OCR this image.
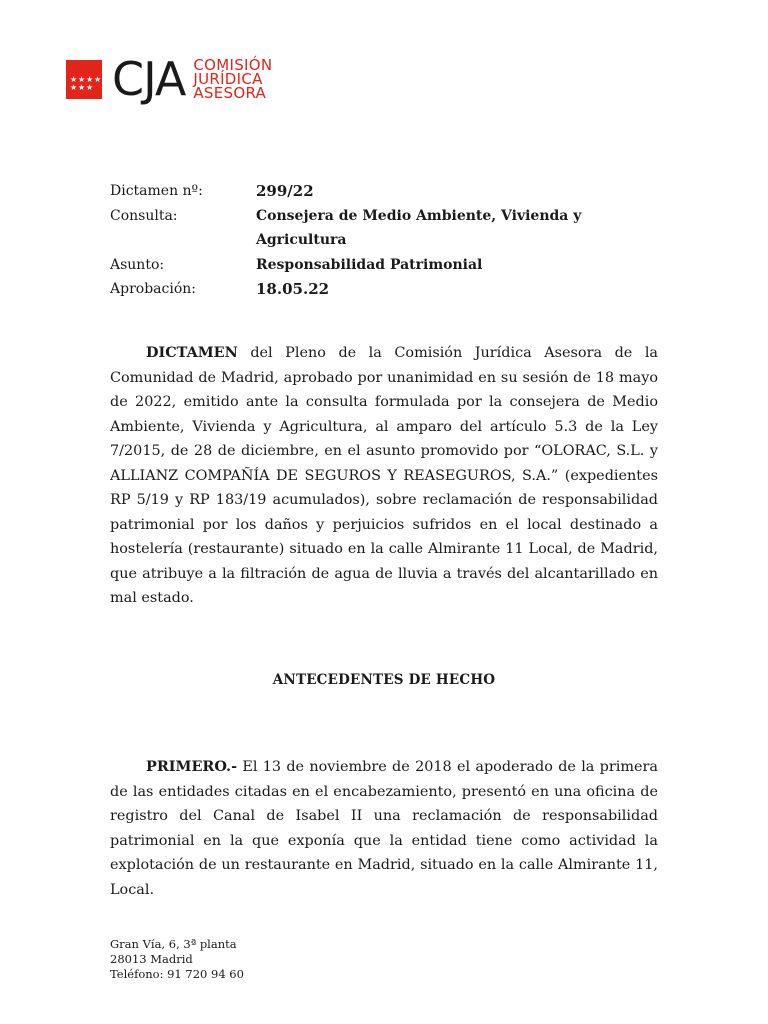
★ ★ ★ ★
★ ★ ★ CJA COMISIÓN
JURÍDICA
ASESORA
Dictamen nº:	299/22
Consulta:	Consejera de Medio Ambiente, Vivienda y Agricultura
Asunto:	Responsabilidad Patrimonial
Aprobación:	18.05.22
DICTAMEN del Pleno de la Comisión Jurídica Asesora de la Comunidad de Madrid, aprobado por unanimidad en su sesión de 18 mayo de 2022, emitido ante la consulta formulada por la consejera de Medio Ambiente, Vivienda y Agricultura, al amparo del artículo 5.3 de la Ley 7/2015, de 28 de diciembre, en el asunto promovido por “OLORAC, S.L. y ALLIANZ COMPAÑÍA DE SEGUROS Y REASEGUROS, S.A.” (expedientes RP 5/19 y RP 183/19 acumulados), sobre reclamación de responsabilidad patrimonial por los daños y perjuicios sufridos en el local destinado a hostelería (restaurante) situado en la calle Almirante 11 Local, de Madrid, que atribuye a la filtración de agua de lluvia a través del alcantarillado en mal estado.
ANTECEDENTES DE HECHO
PRIMERO.- El 13 de noviembre de 2018 el apoderado de la primera de las entidades citadas en el encabezamiento, presentó en una oficina de registro del Canal de Isabel II una reclamación de responsabilidad patrimonial en la que exponía que la entidad tiene como actividad la explotación de un restaurante en Madrid, situado en la calle Almirante 11, Local.
Gran Vía, 6, 3ª planta
28013 Madrid
Teléfono: 91 720 94 60
